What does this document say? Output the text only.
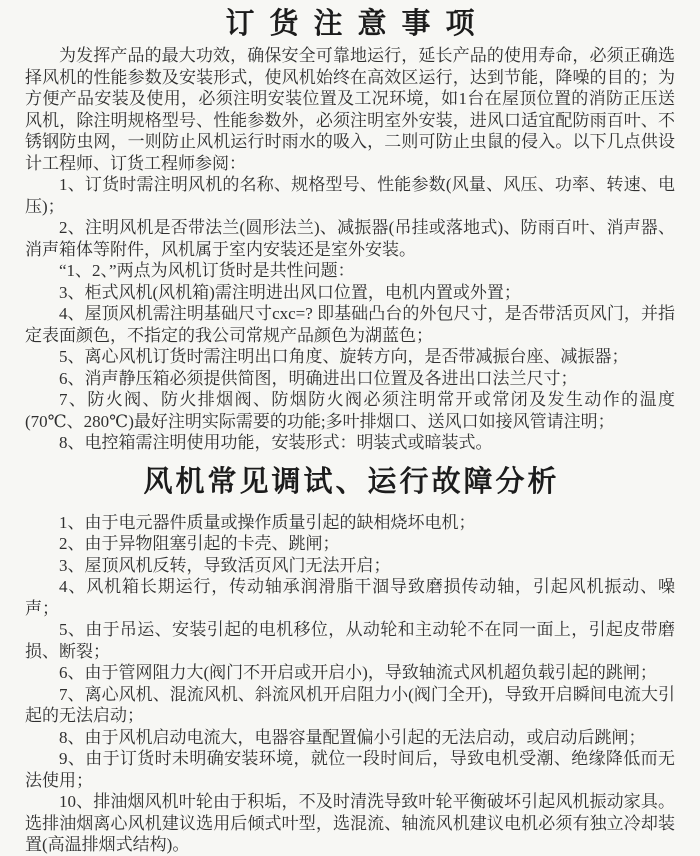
订货注意事项

为发挥产品的最大功效，确保安全可靠地运行，延长产品的使用寿命，必须正确选择风机的性能参数及安装形式，使风机始终在高效区运行，达到节能，降噪的目的；为方便产品安装及使用，必须注明安装位置及工况环境，如1台在屋顶位置的消防正压送风机，除注明规格型号、性能参数外，必须注明室外安装，进风口适宜配防雨百叶、不锈钢防虫网，一则防止风机运行时雨水的吸入，二则可防止虫鼠的侵入。以下几点供设计工程师、订货工程师参阅：

1、订货时需注明风机的名称、规格型号、性能参数(风量、风压、功率、转速、电压)；

2、注明风机是否带法兰(圆形法兰)、减振器(吊挂或落地式)、防雨百叶、消声器、消声箱体等附件，风机属于室内安装还是室外安装。

“1、2、”两点为风机订货时是共性问题：

3、柜式风机(风机箱)需注明进出风口位置，电机内置或外置；

4、屋顶风机需注明基础尺寸cxc=? 即基础凸台的外包尺寸，是否带活页风门，并指定表面颜色，不指定的我公司常规产品颜色为湖蓝色；

5、离心风机订货时需注明出口角度、旋转方向，是否带减振台座、减振器；

6、消声静压箱必须提供简图，明确进出口位置及各进出口法兰尺寸；

7、防火阀、防火排烟阀、防烟防火阀必须注明常开或常闭及发生动作的温度(70℃、280℃)最好注明实际需要的功能;多叶排烟口、送风口如接风管请注明；

8、电控箱需注明使用功能，安装形式：明装式或暗装式。

风机常见调试、运行故障分析

1、由于电元器件质量或操作质量引起的缺相烧坏电机；

2、由于异物阻塞引起的卡壳、跳闸；

3、屋顶风机反转，导致活页风门无法开启；

4、风机箱长期运行，传动轴承润滑脂干涸导致磨损传动轴，引起风机振动、噪声；

5、由于吊运、安装引起的电机移位，从动轮和主动轮不在同一面上，引起皮带磨损、断裂；

6、由于管网阻力大(阀门不开启或开启小)，导致轴流式风机超负载引起的跳闸；

7、离心风机、混流风机、斜流风机开启阻力小(阀门全开)，导致开启瞬间电流大引起的无法启动；

8、由于风机启动电流大，电器容量配置偏小引起的无法启动，或启动后跳闸；

9、由于订货时未明确安装环境，就位一段时间后，导致电机受潮、绝缘降低而无法使用；

10、排油烟风机叶轮由于积垢，不及时清洗导致叶轮平衡破坏引起风机振动家具。选排油烟离心风机建议选用后倾式叶型，选混流、轴流风机建议电机必须有独立冷却装置(高温排烟式结构)。
